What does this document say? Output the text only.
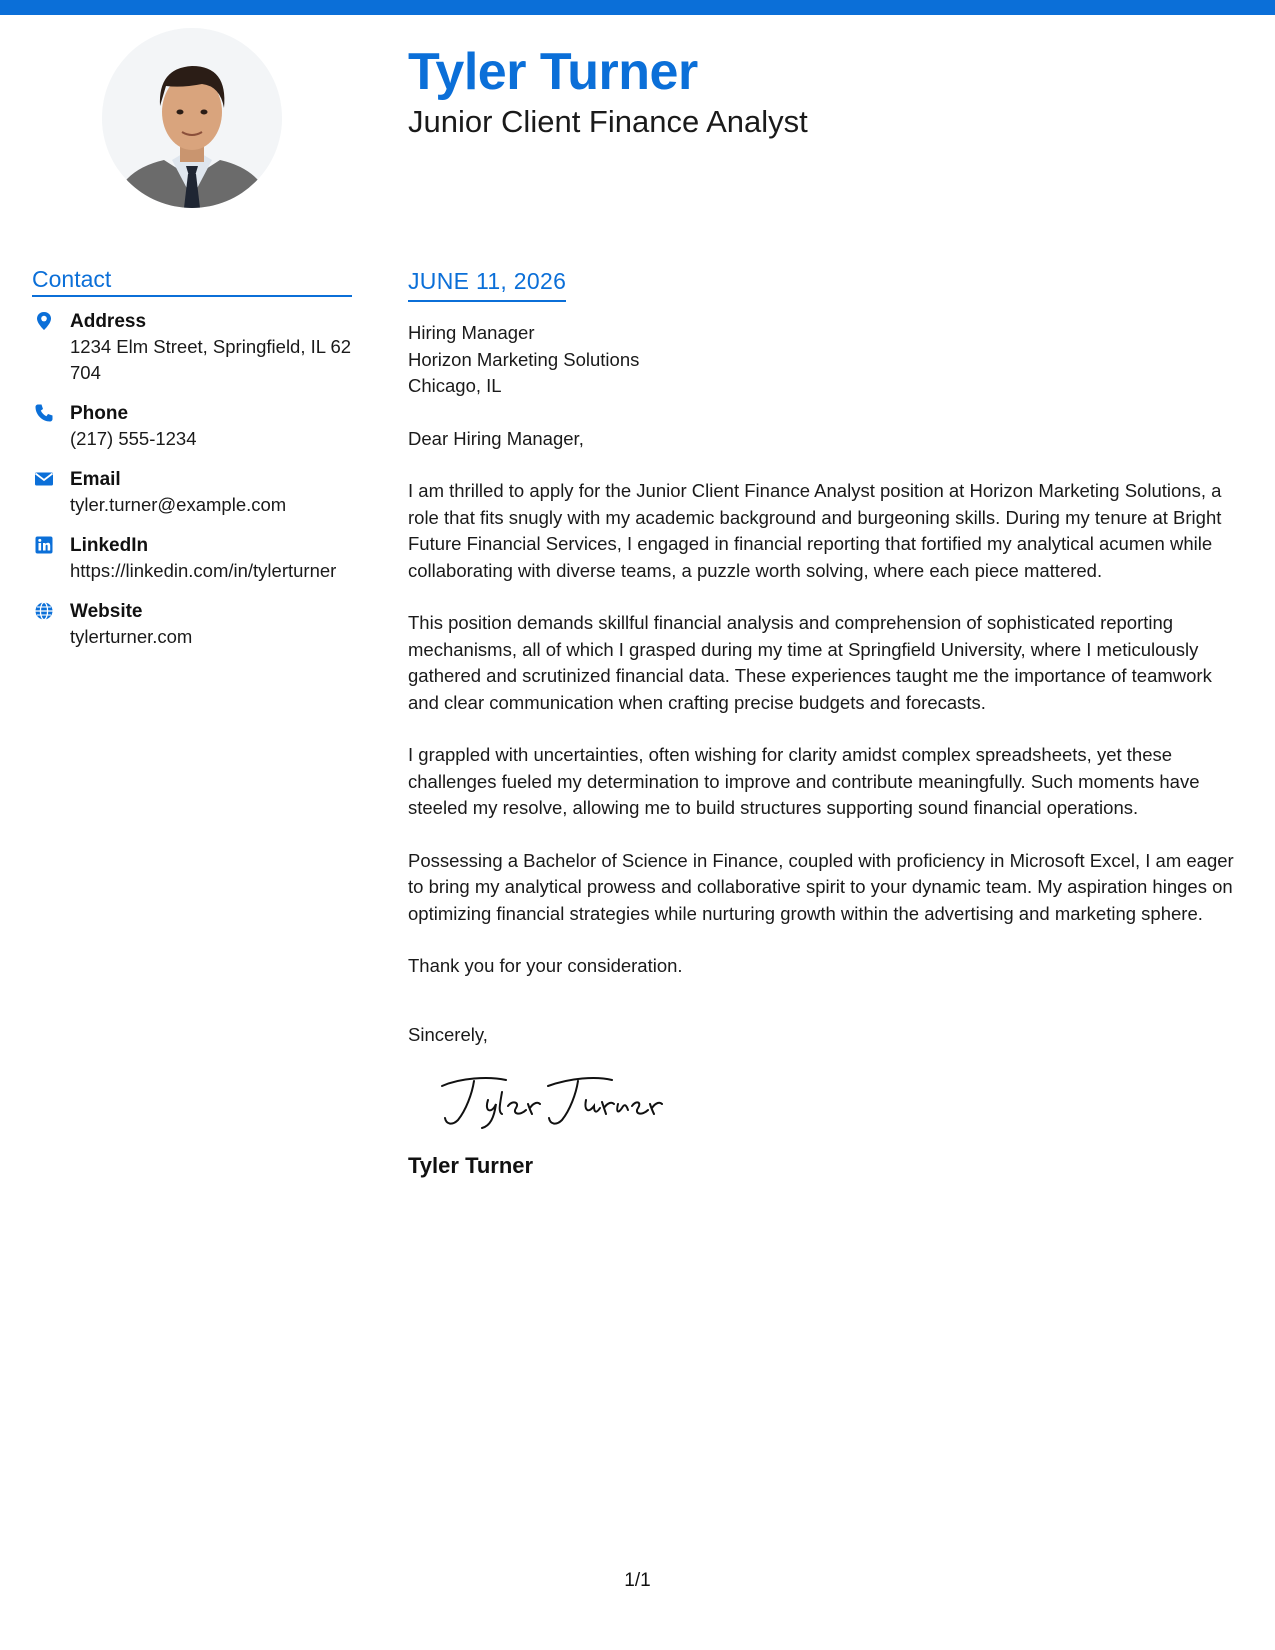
Tyler Turner
Junior Client Finance Analyst
Contact
Address
1234 Elm Street, Springfield, IL 62704
Phone
(217) 555-1234
Email
tyler.turner@example.com
LinkedIn
https://linkedin.com/in/tylerturner
Website
tylerturner.com
JUNE 11, 2026
Hiring Manager
Horizon Marketing Solutions
Chicago, IL
Dear Hiring Manager,
I am thrilled to apply for the Junior Client Finance Analyst position at Horizon Marketing Solutions, a role that fits snugly with my academic background and burgeoning skills. During my tenure at Bright Future Financial Services, I engaged in financial reporting that fortified my analytical acumen while collaborating with diverse teams, a puzzle worth solving, where each piece mattered.
This position demands skillful financial analysis and comprehension of sophisticated reporting mechanisms, all of which I grasped during my time at Springfield University, where I meticulously gathered and scrutinized financial data. These experiences taught me the importance of teamwork and clear communication when crafting precise budgets and forecasts.
I grappled with uncertainties, often wishing for clarity amidst complex spreadsheets, yet these challenges fueled my determination to improve and contribute meaningfully. Such moments have steeled my resolve, allowing me to build structures supporting sound financial operations.
Possessing a Bachelor of Science in Finance, coupled with proficiency in Microsoft Excel, I am eager to bring my analytical prowess and collaborative spirit to your dynamic team. My aspiration hinges on optimizing financial strategies while nurturing growth within the advertising and marketing sphere.
Thank you for your consideration.
Sincerely,
Tyler Turner
1/1
